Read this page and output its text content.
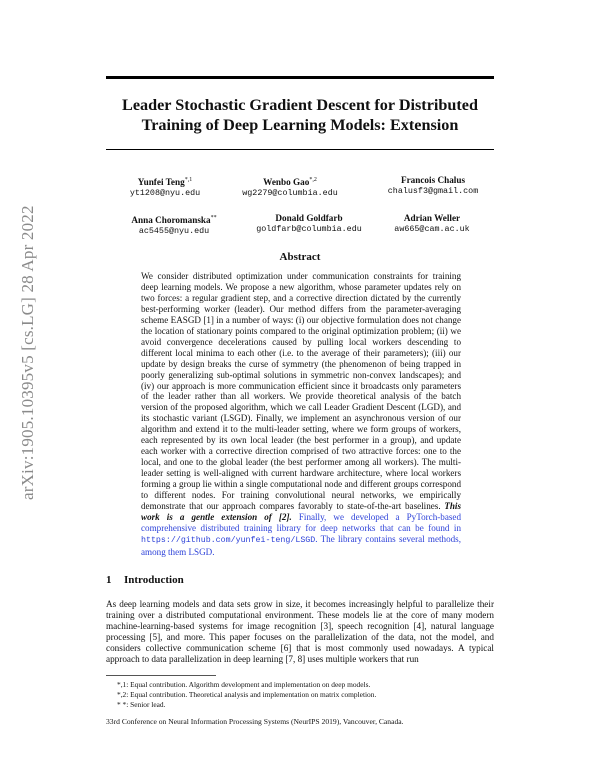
arXiv:1905.10395v5 [cs.LG] 28 Apr 2022
Leader Stochastic Gradient Descent for Distributed
Training of Deep Learning Models: Extension
Yunfei Teng$^{*,1}$
yt1208@nyu.edu
Wenbo Gao$^{*,2}$
wg2279@columbia.edu
Francois Chalus
chalusf3@gmail.com
Anna Choromanska**
ac5455@nyu.edu
Donald Goldfarb
goldfarb@columbia.edu
Adrian Weller
aw665@cam.ac.uk
Abstract
We consider distributed optimization under communication constraints for training deep learning models. We propose a new algorithm, whose parameter updates rely on two forces: a regular gradient step, and a corrective direction dictated by the currently best-performing worker (leader). Our method differs from the parameter-averaging scheme EASGD [1] in a number of ways: (i) our objective formulation does not change the location of stationary points compared to the original optimization problem; (ii) we avoid convergence decelerations caused by pulling local workers descending to different local minima to each other (i.e. to the average of their parameters); (iii) our update by design breaks the curse of symmetry (the phenomenon of being trapped in poorly generalizing sub-optimal solutions in symmetric non-convex landscapes); and (iv) our approach is more communication efficient since it broadcasts only parameters of the leader rather than all workers. We provide theoretical analysis of the batch version of the proposed algorithm, which we call Leader Gradient Descent (LGD), and its stochastic variant (LSGD). Finally, we implement an asynchronous version of our algorithm and extend it to the multi-leader setting, where we form groups of workers, each represented by its own local leader (the best performer in a group), and update each worker with a corrective direction comprised of two attractive forces: one to the local, and one to the global leader (the best performer among all workers). The multi-leader setting is well-aligned with current hardware architecture, where local workers forming a group lie within a single computational node and different groups correspond to different nodes. For training convolutional neural networks, we empirically demonstrate that our approach compares favorably to state-of-the-art baselines. This work is a gentle extension of [2]. Finally, we developed a PyTorch-based comprehensive distributed training library for deep networks that can be found in https://github.com/yunfei-teng/LSGD. The library contains several methods, among them LSGD.
1 Introduction
As deep learning models and data sets grow in size, it becomes increasingly helpful to parallelize their training over a distributed computational environment. These models lie at the core of many modern machine-learning-based systems for image recognition [3], speech recognition [4], natural language processing [5], and more. This paper focuses on the parallelization of the data, not the model, and considers collective communication scheme [6] that is most commonly used nowadays. A typical approach to data parallelization in deep learning [7, 8] uses multiple workers that run
*,1: Equal contribution. Algorithm development and implementation on deep models.
*,2: Equal contribution. Theoretical analysis and implementation on matrix completion.
* *: Senior lead.
33rd Conference on Neural Information Processing Systems (NeurIPS 2019), Vancouver, Canada.
